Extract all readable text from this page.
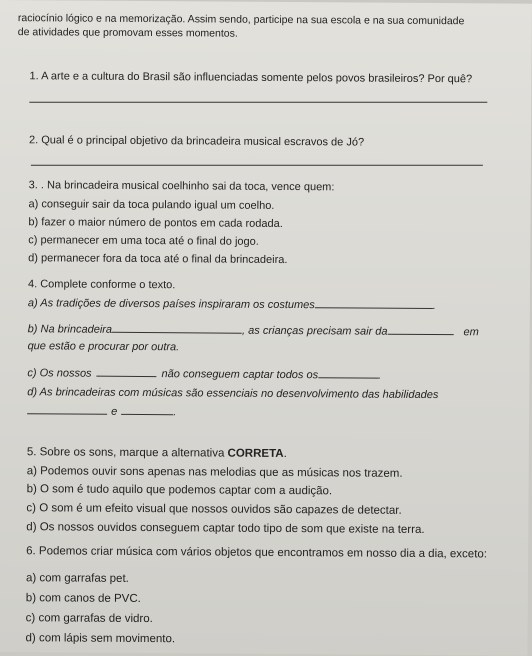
raciocínio lógico e na memorização. Assim sendo, participe na sua escola e na sua comunidade
de atividades que promovam esses momentos.
1. A arte e a cultura do Brasil são influenciadas somente pelos povos brasileiros? Por quê?
2. Qual é o principal objetivo da brincadeira musical escravos de Jó?
3. . Na brincadeira musical coelhinho sai da toca, vence quem:
a) conseguir sair da toca pulando igual um coelho.
b) fazer o maior número de pontos em cada rodada.
c) permanecer em uma toca até o final do jogo.
d) permanecer fora da toca até o final da brincadeira.
4. Complete conforme o texto.
a) As tradições de diversos países inspiraram os costumes	.
b) Na brincadeira	, as crianças precisam sair da	em
que estão e procurar por outra.
c) Os nossos	não conseguem captar todos os	.
d) As brincadeiras com músicas são essenciais no desenvolvimento das habilidades
e	.
5. Sobre os sons, marque a alternativa CORRETA.
a) Podemos ouvir sons apenas nas melodias que as músicas nos trazem.
b) O som é tudo aquilo que podemos captar com a audição.
c) O som é um efeito visual que nossos ouvidos são capazes de detectar.
d) Os nossos ouvidos conseguem captar todo tipo de som que existe na terra.
6. Podemos criar música com vários objetos que encontramos em nosso dia a dia, exceto:
a) com garrafas pet.
b) com canos de PVC.
c) com garrafas de vidro.
d) com lápis sem movimento.
